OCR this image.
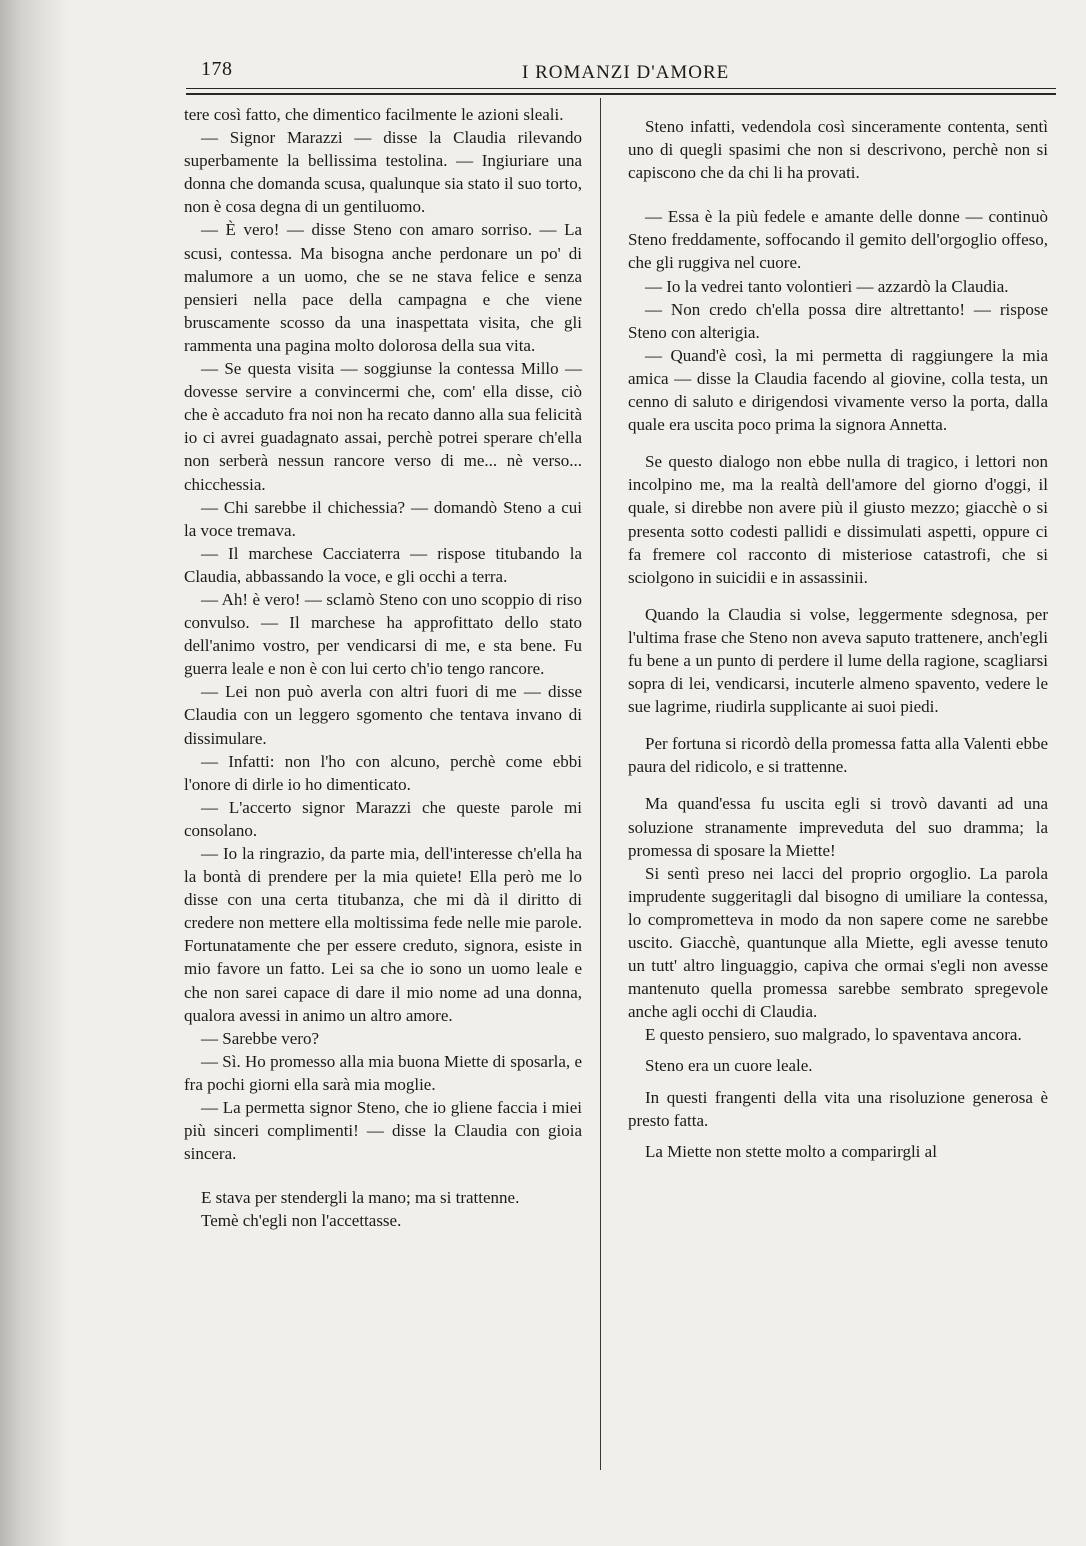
178	I ROMANZI D'AMORE

tere così fatto, che dimentico facilmente le azioni sleali.

— Signor Marazzi — disse la Claudia rilevando superbamente la bellissima testolina. — Ingiuriare una donna che domanda scusa, qualunque sia stato il suo torto, non è cosa degna di un gentiluomo.

— È vero! — disse Steno con amaro sorriso. — La scusi, contessa. Ma bisogna anche perdonare un po' di malumore a un uomo, che se ne stava felice e senza pensieri nella pace della campagna e che viene bruscamente scosso da una inaspettata visita, che gli rammenta una pagina molto dolorosa della sua vita.

— Se questa visita — soggiunse la contessa Millo — dovesse servire a convincermi che, com' ella disse, ciò che è accaduto fra noi non ha recato danno alla sua felicità io ci avrei guadagnato assai, perchè potrei sperare ch'ella non serberà nessun rancore verso di me... nè verso... chicchessia.

— Chi sarebbe il chichessia? — domandò Steno a cui la voce tremava.

— Il marchese Cacciaterra — rispose titubando la Claudia, abbassando la voce, e gli occhi a terra.

— Ah! è vero! — sclamò Steno con uno scoppio di riso convulso. — Il marchese ha approfittato dello stato dell'animo vostro, per vendicarsi di me, e sta bene. Fu guerra leale e non è con lui certo ch'io tengo rancore.

— Lei non può averla con altri fuori di me — disse Claudia con un leggero sgomento che tentava invano di dissimulare.

— Infatti: non l'ho con alcuno, perchè come ebbi l'onore di dirle io ho dimenticato.

— L'accerto signor Marazzi che queste parole mi consolano.

— Io la ringrazio, da parte mia, dell'interesse ch'ella ha la bontà di prendere per la mia quiete! Ella però me lo disse con una certa titubanza, che mi dà il diritto di credere non mettere ella moltissima fede nelle mie parole. Fortunatamente che per essere creduto, signora, esiste in mio favore un fatto. Lei sa che io sono un uomo leale e che non sarei capace di dare il mio nome ad una donna, qualora avessi in animo un altro amore.

— Sarebbe vero?

— Sì. Ho promesso alla mia buona Miette di sposarla, e fra pochi giorni ella sarà mia moglie.

— La permetta signor Steno, che io gliene faccia i miei più sinceri complimenti! — disse la Claudia con gioia sincera.

E stava per stendergli la mano; ma si trattenne.

Temè ch'egli non l'accettasse.

Steno infatti, vedendola così sinceramente contenta, sentì uno di quegli spasimi che non si descrivono, perchè non si capiscono che da chi li ha provati.

— Essa è la più fedele e amante delle donne — continuò Steno freddamente, soffocando il gemito dell'orgoglio offeso, che gli ruggiva nel cuore.

— Io la vedrei tanto volontieri — azzardò la Claudia.

— Non credo ch'ella possa dire altrettanto! — rispose Steno con alterigia.

— Quand'è così, la mi permetta di raggiungere la mia amica — disse la Claudia facendo al giovine, colla testa, un cenno di saluto e dirigendosi vivamente verso la porta, dalla quale era uscita poco prima la signora Annetta.

Se questo dialogo non ebbe nulla di tragico, i lettori non incolpino me, ma la realtà dell'amore del giorno d'oggi, il quale, si direbbe non avere più il giusto mezzo; giacchè o si presenta sotto codesti pallidi e dissimulati aspetti, oppure ci fa fremere col racconto di misteriose catastrofi, che si sciolgono in suicidii e in assassinii.

Quando la Claudia si volse, leggermente sdegnosa, per l'ultima frase che Steno non aveva saputo trattenere, anch'egli fu bene a un punto di perdere il lume della ragione, scagliarsi sopra di lei, vendicarsi, incuterle almeno spavento, vedere le sue lagrime, riudirla supplicante ai suoi piedi.

Per fortuna si ricordò della promessa fatta alla Valenti ebbe paura del ridicolo, e si trattenne.

Ma quand'essa fu uscita egli si trovò davanti ad una soluzione stranamente impreveduta del suo dramma; la promessa di sposare la Miette!

Si sentì preso nei lacci del proprio orgoglio. La parola imprudente suggeritagli dal bisogno di umiliare la contessa, lo comprometteva in modo da non sapere come ne sarebbe uscito. Giacchè, quantunque alla Miette, egli avesse tenuto un tutt' altro linguaggio, capiva che ormai s'egli non avesse mantenuto quella promessa sarebbe sembrato spregevole anche agli occhi di Claudia.

E questo pensiero, suo malgrado, lo spaventava ancora.

Steno era un cuore leale.

In questi frangenti della vita una risoluzione generosa è presto fatta.

La Miette non stette molto a comparirgli al
